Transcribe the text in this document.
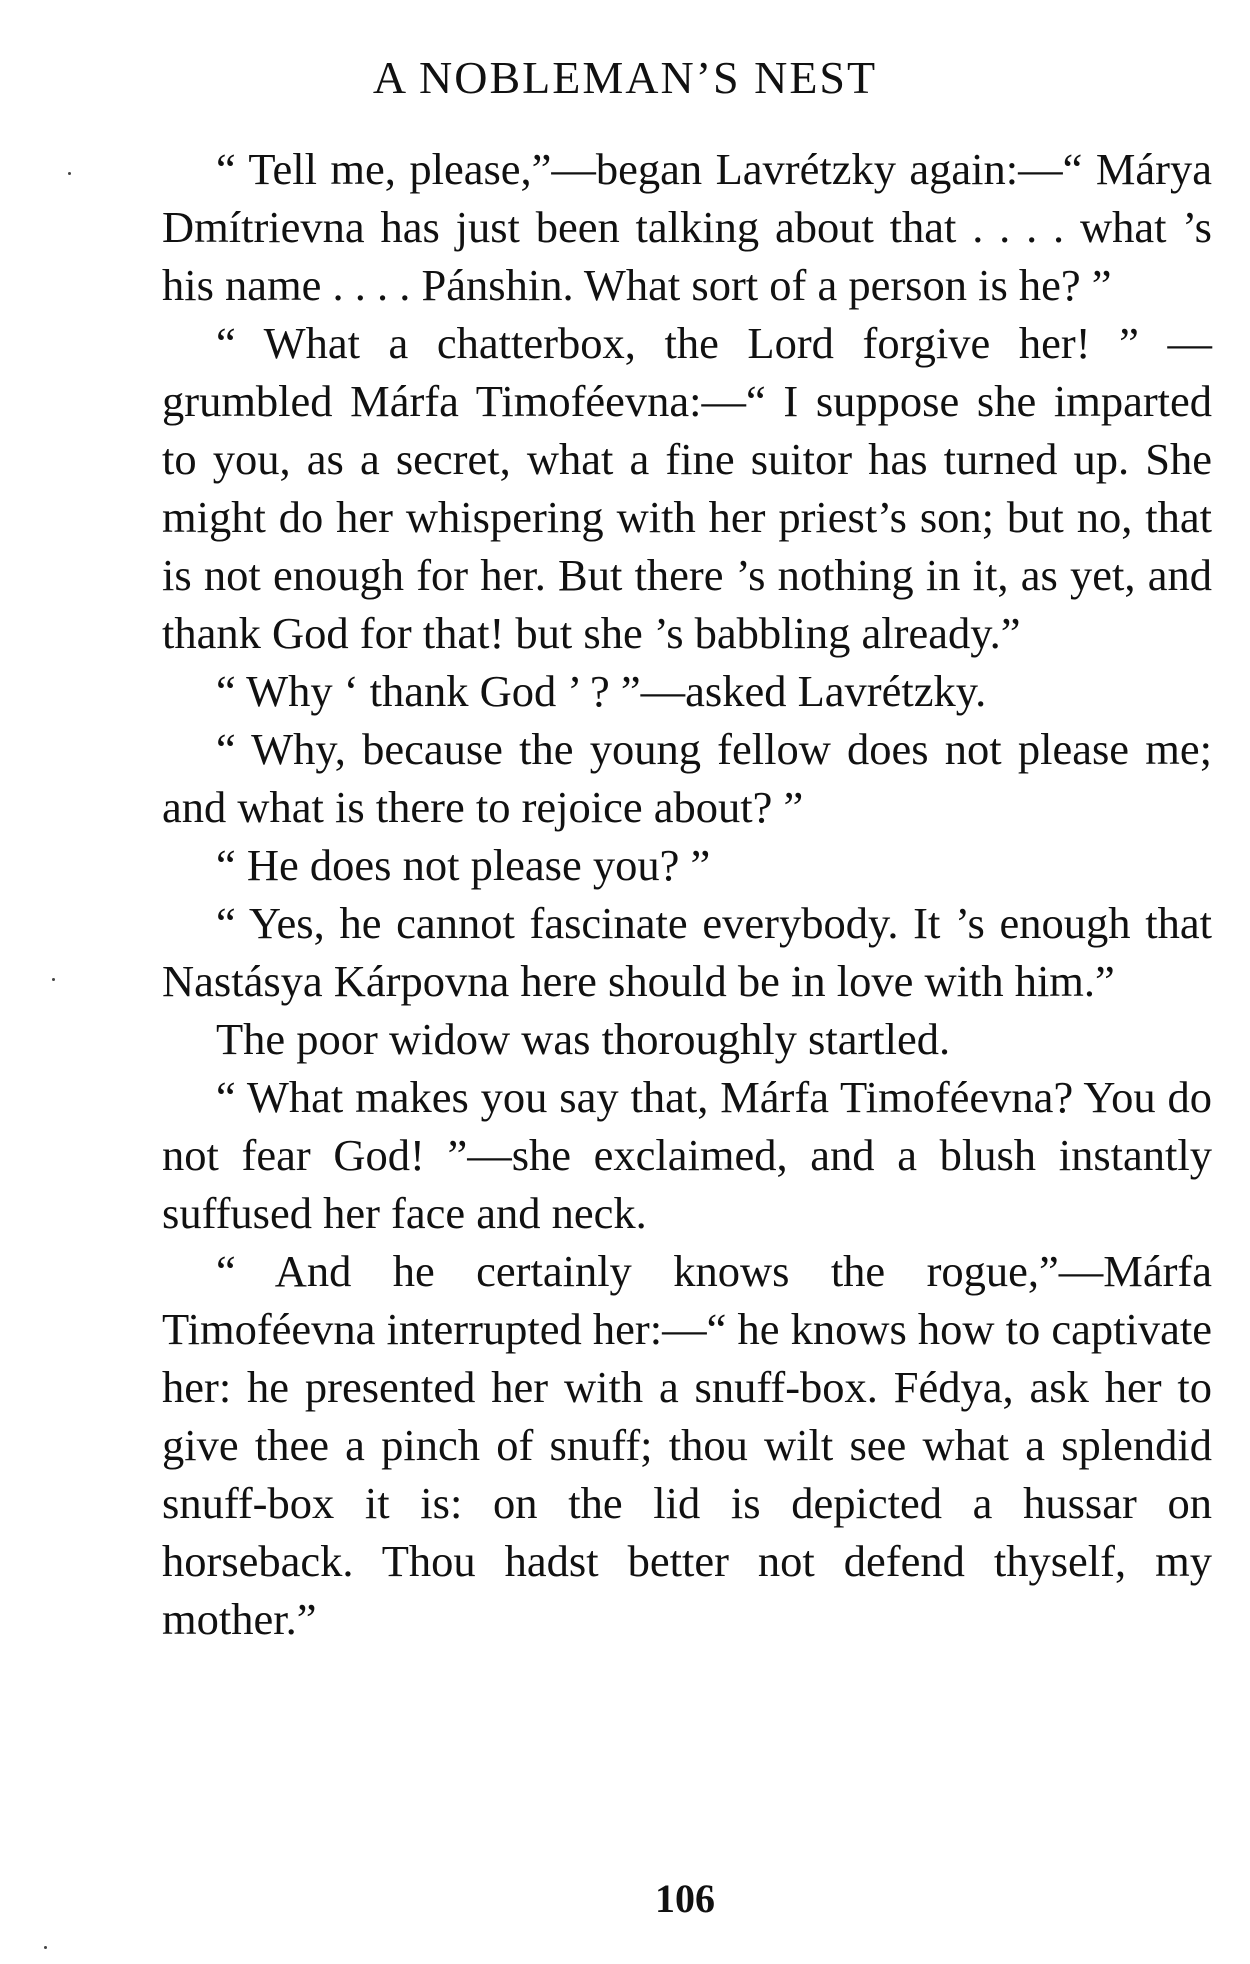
A NOBLEMAN’S NEST

“ Tell me, please,”—began Lavrétzky again:—“ Márya Dmítrievna has just been talking about that . . . . what ’s his name . . . . Pánshin. What sort of a person is he? ”

“ What a chatterbox, the Lord forgive her! ” —grumbled Márfa Timoféevna:—“ I suppose she imparted to you, as a secret, what a fine suitor has turned up. She might do her whispering with her priest’s son; but no, that is not enough for her. But there ’s nothing in it, as yet, and thank God for that! but she ’s babbling already.”

“ Why ‘ thank God ’ ? ”—asked Lavrétzky.

“ Why, because the young fellow does not please me; and what is there to rejoice about? ”

“ He does not please you? ”

“ Yes, he cannot fascinate everybody. It ’s enough that Nastásya Kárpovna here should be in love with him.”

The poor widow was thoroughly startled.

“ What makes you say that, Márfa Timoféevna? You do not fear God! ”—she exclaimed, and a blush instantly suffused her face and neck.

“ And he certainly knows the rogue,”—Márfa Timoféevna interrupted her:—“ he knows how to captivate her: he presented her with a snuff-box. Fédya, ask her to give thee a pinch of snuff; thou wilt see what a splendid snuff-box it is: on the lid is depicted a hussar on horseback. Thou hadst better not defend thyself, my mother.”

106
